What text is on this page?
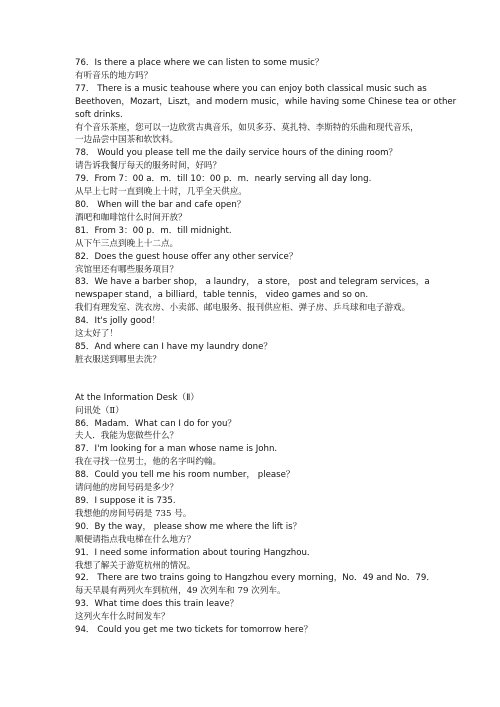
76．Is there a place where we can listen to some music？
有听音乐的地方吗？
77． There is a music teahouse where you can enjoy both classical music such as
Beethoven，Mozart，Liszt，and modern music，while having some Chinese tea or other
soft drinks.
有个音乐茶座，您可以一边欣赏古典音乐，如贝多芬、莫扎特、李斯特的乐曲和现代音乐，
一边品尝中国茶和软饮料。
78． Would you please tell me the daily service hours of the dining room？
请告诉我餐厅每天的服务时间，好吗？
79．From 7：00 a．m．till 10：00 p．m．nearly serving all day long.
从早上七时一直到晚上十时，几乎全天供应。
80． When will the bar and cafe open？
酒吧和咖啡馆什么时间开放？
81．From 3：00 p．m．till midnight.
从下午三点到晚上十二点。
82．Does the guest house offer any other service？
宾馆里还有哪些服务项目？
83．We have a barber shop， a laundry， a store， post and telegram services，a
newspaper stand，a billiard，table tennis， video games and so on.
我们有理发室、洗衣房、小卖部、邮电服务、报刊供应柜、弹子房、乒乓球和电子游戏。
84．It's jolly good！
这太好了！
85．And where can I have my laundry done？
脏衣服送到哪里去洗？
At the Information Desk（Ⅱ）
问讯处（Ⅱ）
86．Madam．What can I do for you？
夫人．我能为您做些什么？
87．I'm looking for a man whose name is John.
我在寻找一位男士，他的名字叫约翰。
88．Could you tell me his room number， please？
请问他的房间号码是多少？
89．I suppose it is 735.
我想他的房间号码是 735 号。
90．By the way， please show me where the lift is？
顺便请指点我电梯在什么地方？
91．I need some information about touring Hangzhou．
我想了解关于游览杭州的情况。
92． There are two trains going to Hangzhou every morning，No．49 and No．79．
每天早晨有两列火车到杭州，49 次列车和 79 次列车。
93．What time does this train leave？
这列火车什么时间发车？
94． Could you get me two tickets for tomorrow here？
